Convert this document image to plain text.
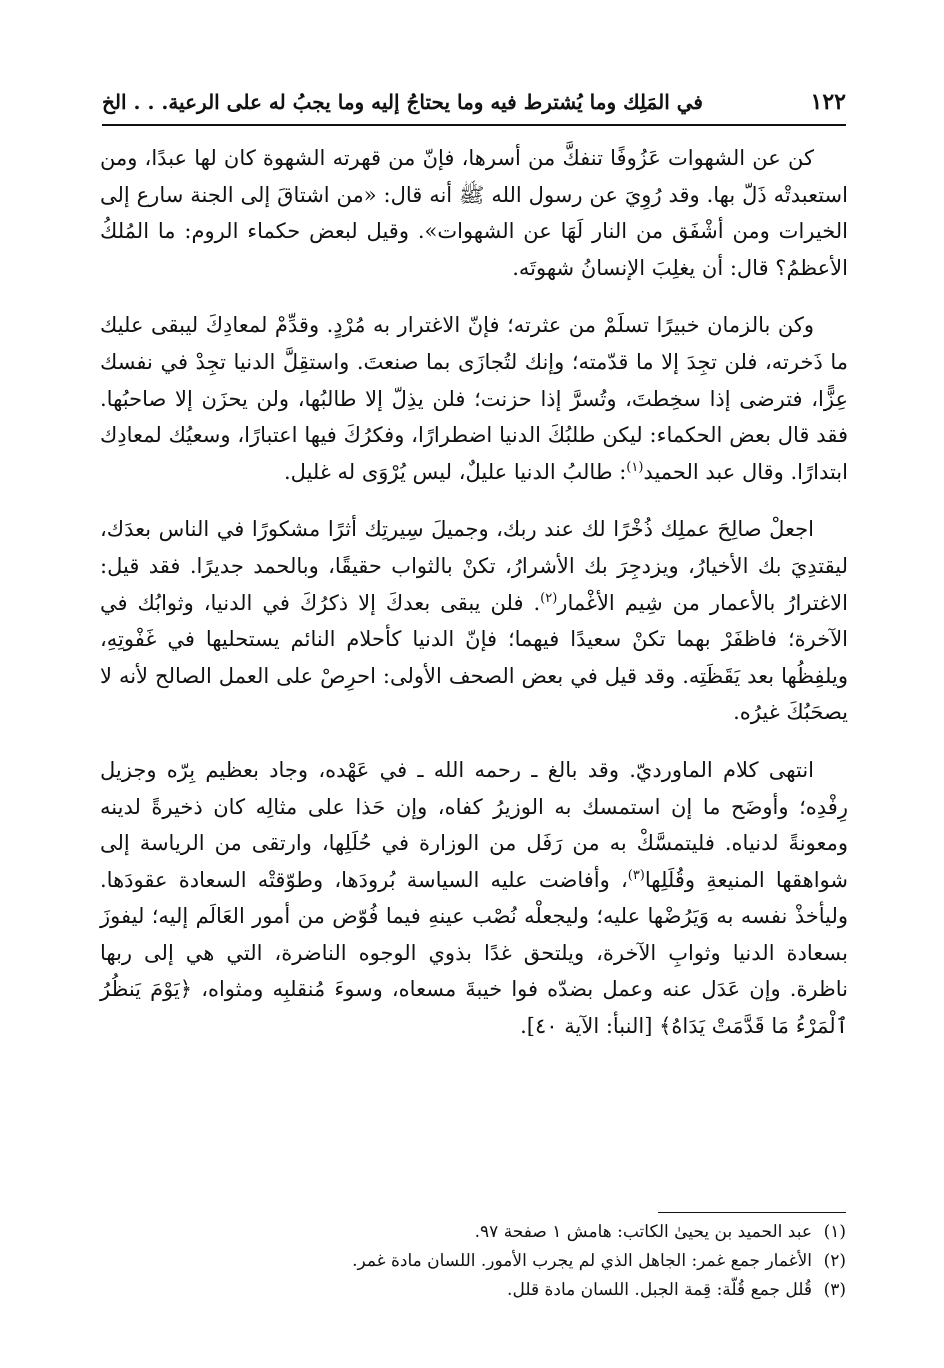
١٢٢
في المَلِك وما يُشترط فيه وما يحتاجُ إليه وما يجبُ له على الرعية. . . الخ

كن عن الشهوات عَزُوفًا تنفكَّ من أسرها، فإنّ من قهرته الشهوة كان لها عبدًا، ومن استعبدتْه ذَلّ بها. وقد رُوِيَ عن رسول الله ﷺ أنه قال: «من اشتاقَ إلى الجنة سارع إلى الخيرات ومن أشْفَق من النار لَهَا عن الشهوات». وقيل لبعض حكماء الروم: ما المُلكُ الأعظمُ؟ قال: أن يغلِبَ الإنسانُ شهوتَه.

وكن بالزمان خبيرًا تسلَمْ من عثرته؛ فإنّ الاغترار به مُرْدٍ. وقدِّمْ لمعادِكَ ليبقى عليك ما ذَخرته، فلن تجِدَ إلا ما قدّمته؛ وإنك لتُجازَى بما صنعتَ. واستقِلَّ الدنيا تجِدْ في نفسك عِزًّا، فترضى إذا سخِطتَ، وتُسرَّ إذا حزنت؛ فلن يذِلّ إلا طالبُها، ولن يحزَن إلا صاحبُها. فقد قال بعض الحكماء: ليكن طلبُكَ الدنيا اضطرارًا، وفكرُكَ فيها اعتبارًا، وسعيُك لمعادِك ابتدارًا. وقال عبد الحميد$^{(١)}$: طالبُ الدنيا عليلٌ، ليس يُرْوَى له غليل.

اجعلْ صالِحَ عملِك ذُخْرًا لك عند ربك، وجميلَ سِيرتِك أثرًا مشكورًا في الناس بعدَك، ليقتدِيَ بك الأخيارُ، ويزدجِرَ بك الأشرارُ، تكنْ بالثواب حقيقًا، وبالحمد جديرًا. فقد قيل: الاغترارُ بالأعمار من شِيم الأغْمار$^{(٢)}$. فلن يبقى بعدكَ إلا ذكرُكَ في الدنيا، وثوابُك في الآخرة؛ فاظفَرْ بهما تكنْ سعيدًا فيهما؛ فإنّ الدنيا كأحلام النائم يستحليها في غَفْوتِهِ، ويلفِظُها بعد يَقَظَتِه. وقد قيل في بعض الصحف الأولى: احرِصْ على العمل الصالح لأنه لا يصحَبُكَ غيرُه.

انتهى كلام الماورديّ. وقد بالغ ـ رحمه الله ـ في عَهْده، وجاد بعظيم بِرّه وجزيل رِفْدِه؛ وأوضَح ما إن استمسك به الوزيرُ كفاه، وإن حَذا على مثالِه كان ذخيرةً لدينه ومعونةً لدنياه. فليتمسَّكْ به من رَفَل من الوزارة في حُلَلِها، وارتقى من الرياسة إلى شواهقها المنيعةِ وقُلَلِها$^{(٣)}$، وأفاضت عليه السياسة بُرودَها، وطوّقتْه السعادة عقودَها. وليأخذْ نفسه به وَيَرُضْها عليه؛ وليجعلْه نُصْب عينهِ فيما فُوّض من أمور العَالَم إليه؛ ليفوزَ بسعادة الدنيا وثوابِ الآخرة، ويلتحق غدًا بذوي الوجوه الناضرة، التي هي إلى ربها ناظرة. وإن عَدَل عنه وعمل بضدّه فوا خيبةَ مسعاه، وسوءَ مُنقلبِه ومثواه، ﴿يَوْمَ يَنظُرُ ٱلْمَرْءُ مَا قَدَّمَتْ يَدَاهُ﴾ [النبأ: الآية ٤٠].

(١)عبد الحميد بن يحيىٰ الكاتب: هامش ١ صفحة ٩٧.

(٢)الأغمار جمع غمر: الجاهل الذي لم يجرب الأمور. اللسان مادة غمر.

(٣)قُلل جمع قُلّة: قِمة الجبل. اللسان مادة قلل.
